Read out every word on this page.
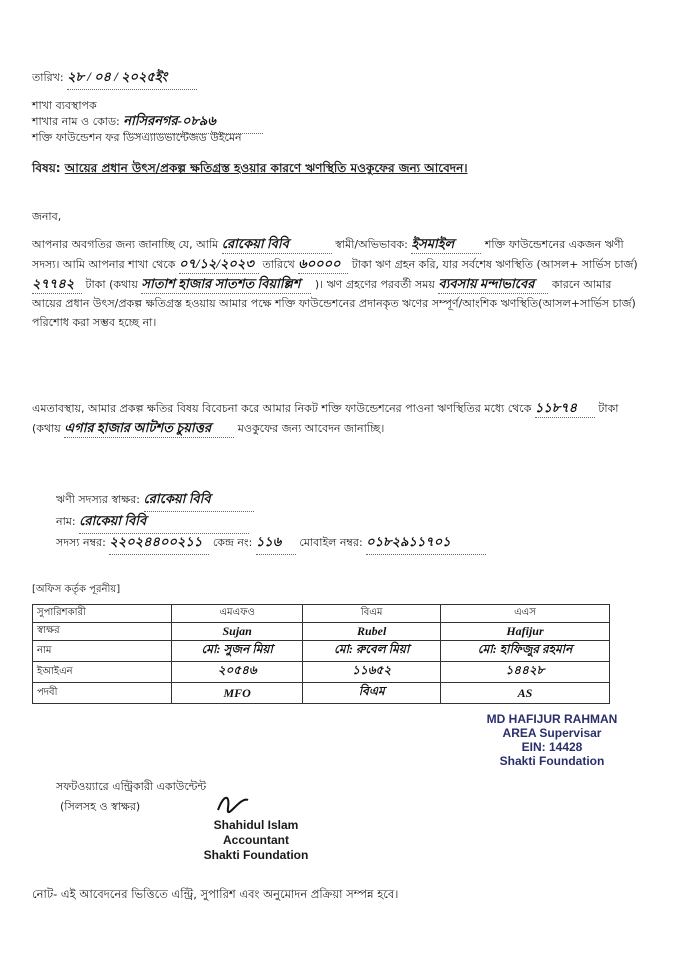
তারিখ: ২৮ / ০৪ / ২০২৫ইং
শাখা ব্যবস্থাপক
শাখার নাম ও কোড: নাসিরনগর-০৮৯৬
শক্তি ফাউন্ডেশন ফর ডিসএ্যাডভান্টেজড উইমেন
বিষয়: আয়ের প্রধান উৎস/প্রকল্প ক্ষতিগ্রস্ত হওয়ার কারণে ঋণস্থিতি মওকুফের জন্য আবেদন।
জনাব,
আপনার অবগতির জন্য জানাচ্ছি যে, আমি রোকেয়া বিবি	স্বামী/অভিভাবক: ইসমাইল	শক্তি ফাউন্ডেশনের একজন ঋণী সদস্য। আমি আপনার শাখা থেকে ০৭/১২/২০২৩ তারিখে ৬০০০০ টাকা ঋণ গ্রহন করি, যার সর্বশেষ ঋণস্থিতি (আসল+ সার্ভিস চার্জ) ২৭৭৪২ টাকা (কথায় সাতাশ হাজার সাতশত বিয়াল্লিশ )। ঋণ গ্রহণের পরবর্তী সময় ব্যবসায় মন্দাভাবের কারনে আমার আয়ের প্রধান উৎস/প্রকল্প ক্ষতিগ্রস্ত হওয়ায় আমার পক্ষে শক্তি ফাউন্ডেশনের প্রদানকৃত ঋণের সম্পূর্ণ/আংশিক ঋণস্থিতি(আসল+সার্ভিস চার্জ) পরিশোধ করা সম্ভব হচ্ছে না।
এমতাবস্থায়, আমার প্রকল্প ক্ষতির বিষয় বিবেচনা করে আমার নিকট শক্তি ফাউন্ডেশনের পাওনা ঋণস্থিতির মধ্যে থেকে ১১৮৭৪ টাকা (কথায় এগার হাজার আটশত চুয়াত্তর মওকুফের জন্য আবেদন জানাচ্ছি।
ঋণী সদস্যর স্বাক্ষর: রোকেয়া বিবি
নাম: রোকেয়া বিবি
সদস্য নম্বর: ২২০২৪৪০০২১১ কেন্দ্র নং: ১১৬ মোবাইল নম্বর: ০১৮২৯১১৭০১
[অফিস কর্তৃক পূরনীয়]
সুপারিশকারী	এমএফও	বিএম	এএস
স্বাক্ষর	Sujan	Rubel	Hafijur
নাম	মো: সুজন মিয়া	মো: রুবেল মিয়া	মো: হাফিজুর রহমান
ইআইএন	২০৫৪৬	১১৬৫২	১৪৪২৮
পদবী	MFO	বিএম	AS
MD HAFIJUR RAHMAN
AREA Supervisar
EIN: 14428
Shakti Foundation
সফটওয়্যারে এন্ট্রিকারী একাউন্টেন্ট
(সিলসহ ও স্বাক্ষর)
Shahidul Islam
Accountant
Shakti Foundation
নোট- এই আবেদনের ভিত্তিতে এন্ট্রি, সুপারিশ এবং অনুমোদন প্রক্রিয়া সম্পন্ন হবে।
